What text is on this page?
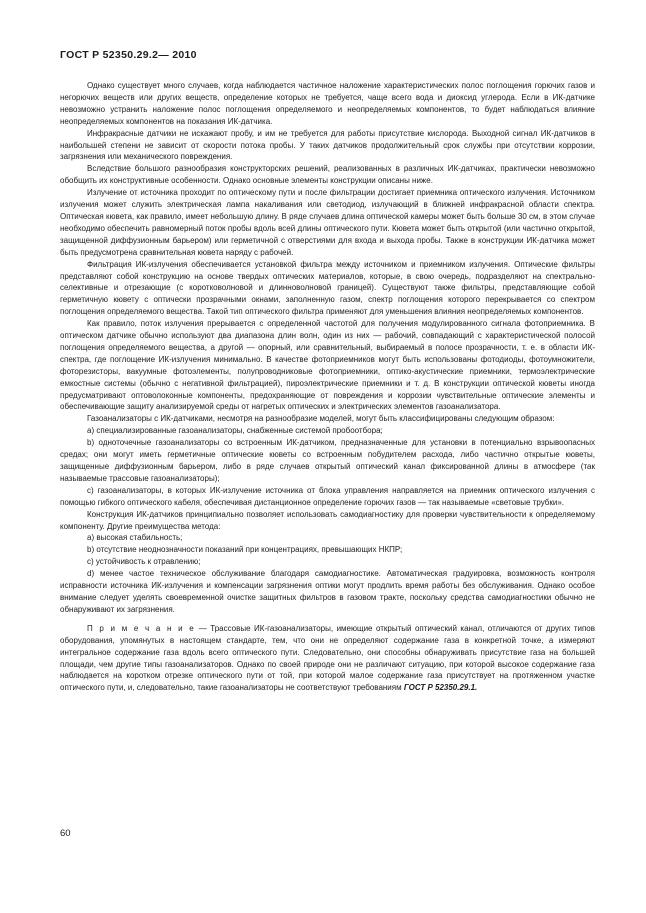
ГОСТ Р 52350.29.2— 2010

Однако существует много случаев, когда наблюдается частичное наложение характеристических полос поглощения горючих газов и негорючих веществ или других веществ, определение которых не требуется, чаще всего вода и диоксид углерода. Если в ИК-датчике невозможно устранить наложение полос поглощения определяемого и неопределяемых компонентов, то будет наблюдаться влияние неопределяемых компонентов на показания ИК-датчика.

Инфракрасные датчики не искажают пробу, и им не требуется для работы присутствие кислорода. Выходной сигнал ИК-датчиков в наибольшей степени не зависит от скорости потока пробы. У таких датчиков продолжительный срок службы при отсутствии коррозии, загрязнения или механического повреждения.

Вследствие большого разнообразия конструкторских решений, реализованных в различных ИК-датчиках, практически невозможно обобщить их конструктивные особенности. Однако основные элементы конструкции описаны ниже.

Излучение от источника проходит по оптическому пути и после фильтрации достигает приемника оптического излучения. Источником излучения может служить электрическая лампа накаливания или светодиод, излучающий в ближней инфракрасной области спектра. Оптическая кювета, как правило, имеет небольшую длину. В ряде случаев длина оптической камеры может быть больше 30 см, в этом случае необходимо обеспечить равномерный поток пробы вдоль всей длины оптического пути. Кювета может быть открытой (или частично открытой, защищенной диффузионным барьером) или герметичной с отверстиями для входа и выхода пробы. Также в конструкции ИК-датчика может быть предусмотрена сравнительная кювета наряду с рабочей.

Фильтрация ИК-излучения обеспечивается установкой фильтра между источником и приемником излучения. Оптические фильтры представляют собой конструкцию на основе твердых оптических материалов, которые, в свою очередь, подразделяют на спектрально-селективные и отрезающие (с коротковолновой и длинноволновой границей). Существуют также фильтры, представляющие собой герметичную кювету с оптически прозрачными окнами, заполненную газом, спектр поглощения которого перекрывается со спектром поглощения определяемого вещества. Такой тип оптического фильтра применяют для уменьшения влияния неопределяемых компонентов.

Как правило, поток излучения прерывается с определенной частотой для получения модулированного сигнала фотоприемника. В оптическом датчике обычно используют два диапазона длин волн, один из них — рабочий, совпадающий с характеристической полосой поглощения определяемого вещества, а другой — опорный, или сравнительный, выбираемый в полосе прозрачности, т. е. в области ИК-спектра, где поглощение ИК-излучения минимально. В качестве фотоприемников могут быть использованы фотодиоды, фотоумножители, фоторезисторы, вакуумные фотоэлементы, полупроводниковые фотоприемники, оптико-акустические приемники, термоэлектрические емкостные системы (обычно с негативной фильтрацией), пироэлектрические приемники и т. д. В конструкции оптической кюветы иногда предусматривают оптоволоконные компоненты, предохраняющие от повреждения и коррозии чувствительные оптические элементы и обеспечивающие защиту анализируемой среды от нагретых оптических и электрических элементов газоанализатора.

Газоанализаторы с ИК-датчиками, несмотря на разнообразие моделей, могут быть классифицированы следующим образом:

a) специализированные газоанализаторы, снабженные системой пробоотбора;

b) одноточечные газоанализаторы со встроенным ИК-датчиком, предназначенные для установки в потенциально взрывоопасных средах; они могут иметь герметичные оптические кюветы со встроенным побудителем расхода, либо частично открытые кюветы, защищенные диффузионным барьером, либо в ряде случаев открытый оптический канал фиксированной длины в атмосфере (так называемые трассовые газоанализаторы);

c) газоанализаторы, в которых ИК-излучение источника от блока управления направляется на приемник оптического излучения с помощью гибкого оптического кабеля, обеспечивая дистанционное определение горючих газов — так называемые «световые трубки».

Конструкция ИК-датчиков принципиально позволяет использовать самодиагностику для проверки чувствительности к определяемому компоненту. Другие преимущества метода:

a) высокая стабильность;

b) отсутствие неоднозначности показаний при концентрациях, превышающих НКПР;

c) устойчивость к отравлению;

d) менее частое техническое обслуживание благодаря самодиагностике. Автоматическая градуировка, возможность контроля исправности источника ИК-излучения и компенсации загрязнения оптики могут продлить время работы без обслуживания. Однако особое внимание следует уделять своевременной очистке защитных фильтров в газовом тракте, поскольку средства самодиагностики обычно не обнаруживают их загрязнения.

П р и м е ч а н и е — Трассовые ИК-газоанализаторы, имеющие открытый оптический канал, отличаются от других типов оборудования, упомянутых в настоящем стандарте, тем, что они не определяют содержание газа в конкретной точке, а измеряют интегральное содержание газа вдоль всего оптического пути. Следовательно, они способны обнаруживать присутствие газа на большей площади, чем другие типы газоанализаторов. Однако по своей природе они не различают ситуацию, при которой высокое содержание газа наблюдается на коротком отрезке оптического пути от той, при которой малое содержание газа присутствует на протяженном участке оптического пути, и, следовательно, такие газоанализаторы не соответствуют требованиям ГОСТ Р 52350.29.1.

60
